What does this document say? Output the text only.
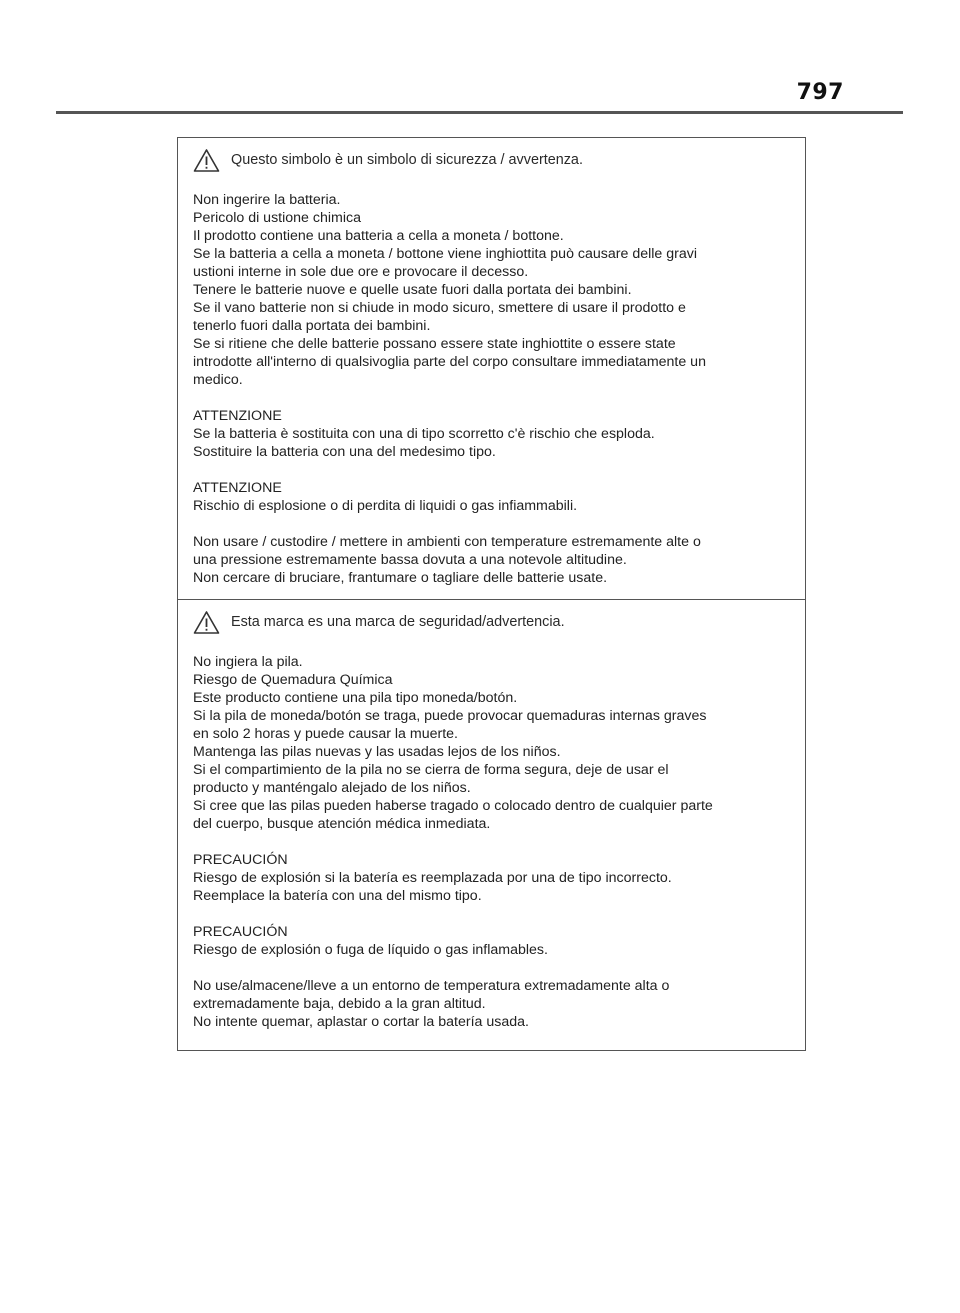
797
Questo simbolo è un simbolo di sicurezza / avvertenza.

Non ingerire la batteria.
Pericolo di ustione chimica
Il prodotto contiene una batteria a cella a moneta / bottone.
Se la batteria a cella a moneta / bottone viene inghiottita può causare delle gravi
ustioni interne in sole due ore e provocare il decesso.
Tenere le batterie nuove e quelle usate fuori dalla portata dei bambini.
Se il vano batterie non si chiude in modo sicuro, smettere di usare il prodotto e
tenerlo fuori dalla portata dei bambini.
Se si ritiene che delle batterie possano essere state inghiottite o essere state
introdotte all'interno di qualsivoglia parte del corpo consultare immediatamente un
medico.

ATTENZIONE
Se la batteria è sostituita con una di tipo scorretto c'è rischio che esploda.
Sostituire la batteria con una del medesimo tipo.

ATTENZIONE
Rischio di esplosione o di perdita di liquidi o gas infiammabili.

Non usare / custodire / mettere in ambienti con temperature estremamente alte o
una pressione estremamente bassa dovuta a una notevole altitudine.
Non cercare di bruciare, frantumare o tagliare delle batterie usate.

Esta marca es una marca de seguridad/advertencia.

No ingiera la pila.
Riesgo de Quemadura Química
Este producto contiene una pila tipo moneda/botón.
Si la pila de moneda/botón se traga, puede provocar quemaduras internas graves
en solo 2 horas y puede causar la muerte.
Mantenga las pilas nuevas y las usadas lejos de los niños.
Si el compartimiento de la pila no se cierra de forma segura, deje de usar el
producto y manténgalo alejado de los niños.
Si cree que las pilas pueden haberse tragado o colocado dentro de cualquier parte
del cuerpo, busque atención médica inmediata.

PRECAUCIÓN
Riesgo de explosión si la batería es reemplazada por una de tipo incorrecto.
Reemplace la batería con una del mismo tipo.

PRECAUCIÓN
Riesgo de explosión o fuga de líquido o gas inflamables.

No use/almacene/lleve a un entorno de temperatura extremadamente alta o
extremadamente baja, debido a la gran altitud.
No intente quemar, aplastar o cortar la batería usada.
